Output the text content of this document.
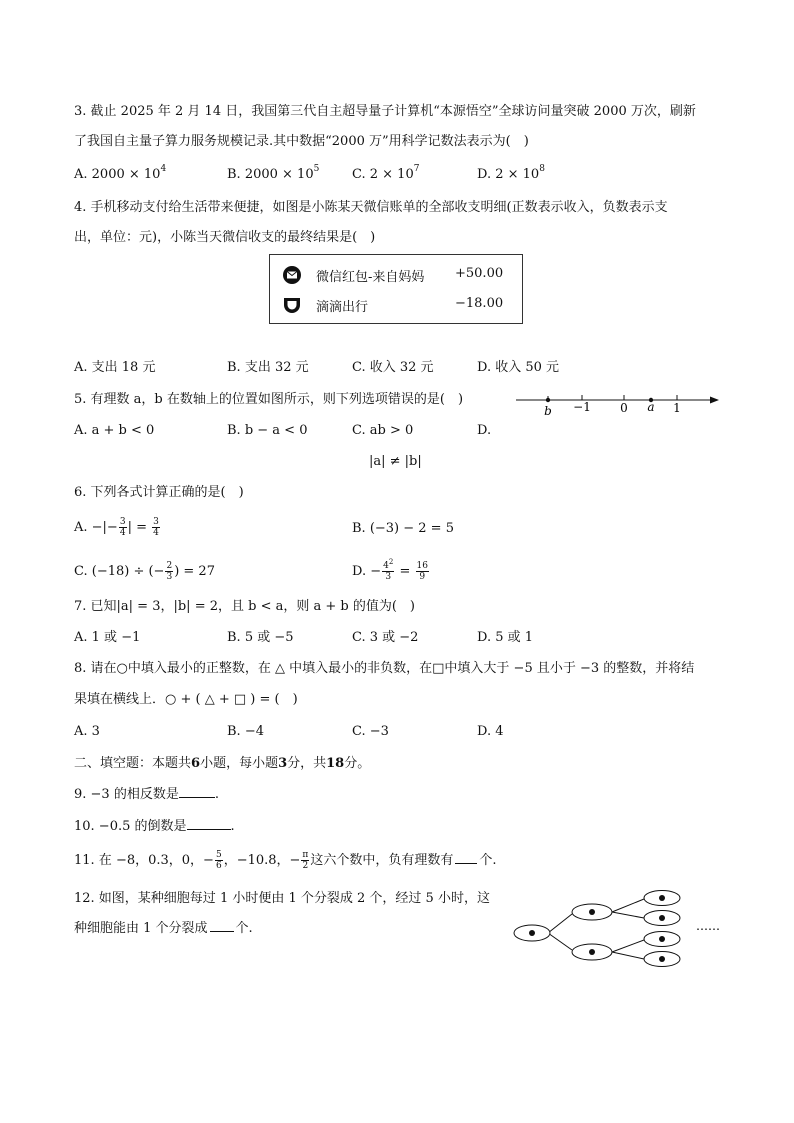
3. 截止 2025 年 2 月 14 日，我国第三代自主超导量子计算机“本源悟空”全球访问量突破 2000 万次，刷新
了我国自主量子算力服务规模记录.其中数据“2000 万”用科学记数法表示为(　)
A. $2000 \times 10^4$	B. $2000 \times 10^5$	C. $2 \times 10^7$	D. $2 \times 10^8$
4. 手机移动支付给生活带来便捷，如图是小陈某天微信账单的全部收支明细(正数表示收入，负数表示支
出，单位：元)，小陈当天微信收支的最终结果是(　)
微信红包-来自妈妈 +50.00
滴滴出行	−18.00
A. 支出 18 元	B. 支出 32 元	C. 收入 32 元	D. 收入 50 元
5. 有理数 a，b 在数轴上的位置如图所示，则下列选项错误的是(　)
b −1 0 a 1
A. a + b < 0	B. b − a < 0	C. ab > 0	D.
|a| ≠ |b|
6. 下列各式计算正确的是(　)
A. −|− $\frac{3}{4}$ | = $\frac{3}{4}$	B. (−3) − 2 = 5
C. (−18) ÷ (− $\frac{2}{3}$ ) = 27	D. − $\frac{4^2}{3} = \frac{16}{9}$
7. 已知|a| = 3，|b| = 2，且 b < a，则 a + b 的值为(　)
A. 1 或 −1	B. 5 或 −5	C. 3 或 −2	D. 5 或 1
8. 请在○中填入最小的正整数，在 △ 中填入最小的非负数，在□中填入大于 −5 且小于 −3 的整数，并将结
果填在横线上．○ + ( △ + □ ) = (　)
A. 3	B. −4	C. −3	D. 4
二、填空题：本题共6小题，每小题3分，共18分。
9. −3 的相反数是	.
10. −0.5 的倒数是	.
11. 在 −8，0.3，0，− $\frac{5}{6}$ ，−10.8，− $\frac{\pi}{2}$ 这六个数中，负有理数有 个.
12. 如图，某种细胞每过 1 小时便由 1 个分裂成 2 个，经过 5 小时，这
种细胞能由 1 个分裂成 个.	……
